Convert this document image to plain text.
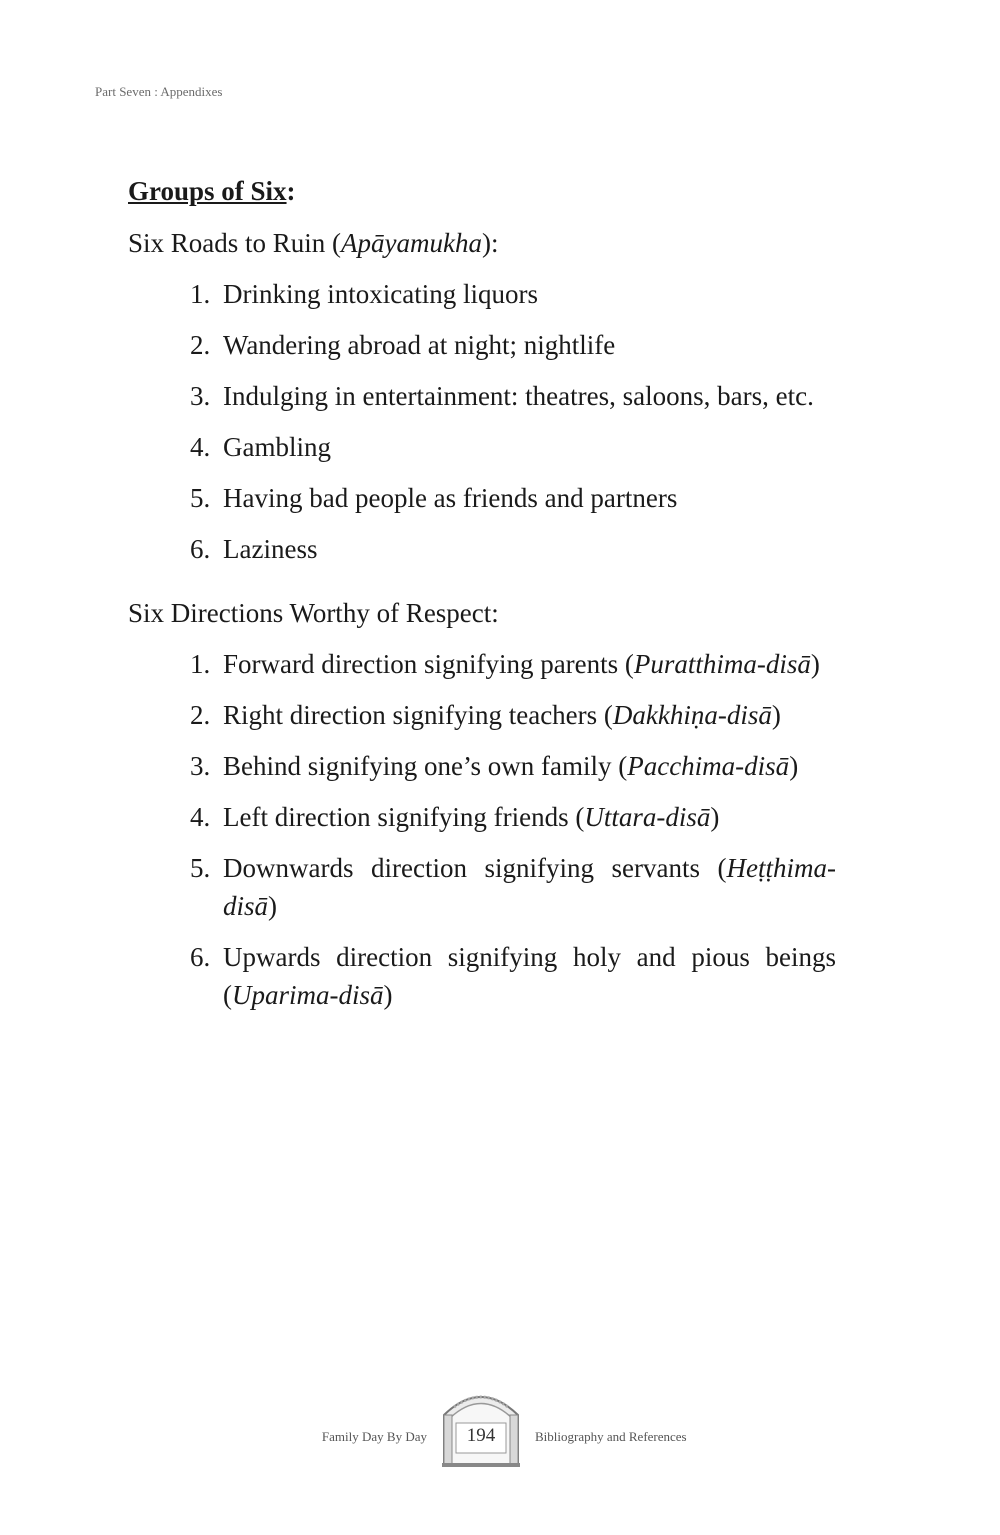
Part Seven : Appendixes
Groups of Six:
Six Roads to Ruin (Apāyamukha):
1. Drinking intoxicating liquors
2. Wandering abroad at night; nightlife
3. Indulging in entertainment: theatres, saloons, bars, etc.
4. Gambling
5. Having bad people as friends and partners
6. Laziness
Six Directions Worthy of Respect:
1. Forward direction signifying parents (Puratthima-disā)
2. Right direction signifying teachers (Dakkhiṇa-disā)
3. Behind signifying one’s own family (Pacchima-disā)
4. Left direction signifying friends (Uttara-disā)
5. Downwards direction signifying servants (Heṭṭhima-disā)
6. Upwards direction signifying holy and pious beings (Uparima-disā)
Family Day By Day	194	Bibliography and References
